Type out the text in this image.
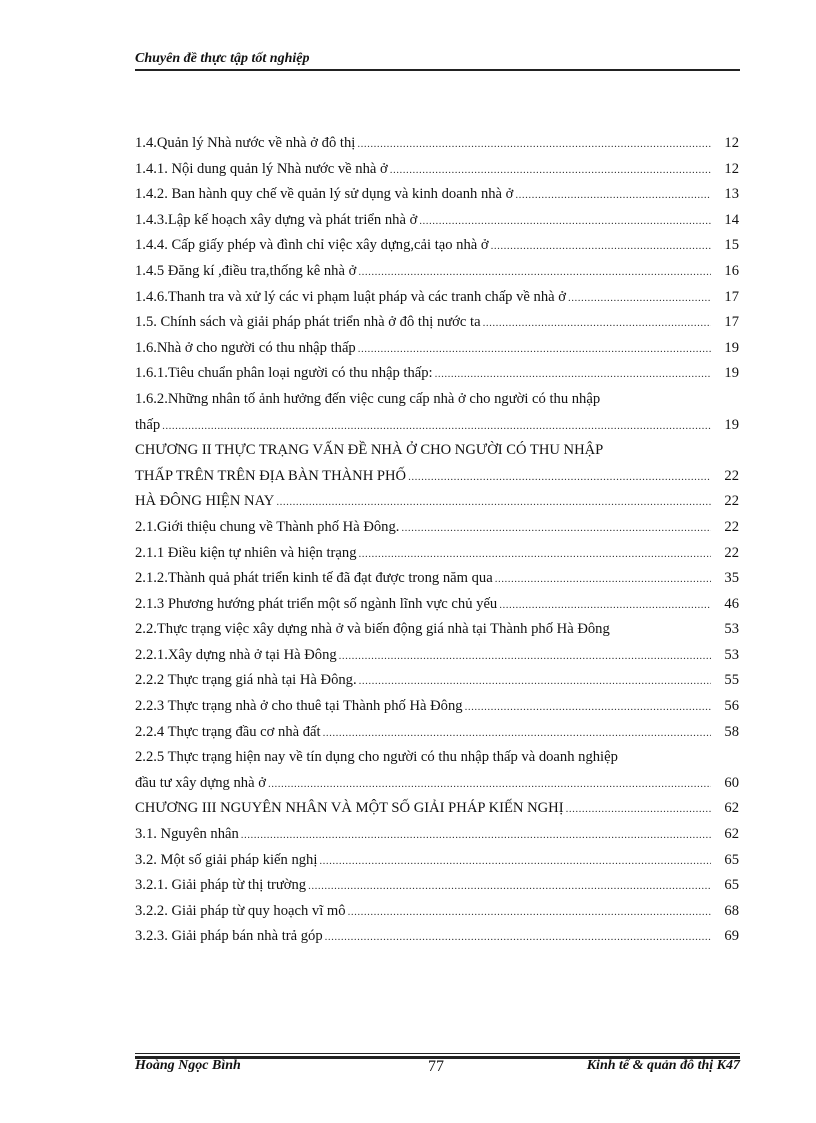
Chuyên đề thực tập tốt nghiệp
1.4.Quản lý Nhà nước về nhà ở đô thị .....	12
1.4.1. Nội dung quản lý Nhà nước về nhà ở .....	12
1.4.2. Ban hành quy chế về quản lý sử dụng và kinh doanh nhà ở .....	13
1.4.3.Lập kế hoạch xây dựng và phát triển nhà ở .....	14
1.4.4. Cấp giấy phép và đình chỉ việc xây dựng,cải tạo nhà ở .....	15
1.4.5 Đăng kí ,điều tra,thống kê nhà ở .....	16
1.4.6.Thanh tra và xử lý các vi phạm luật pháp và các tranh chấp về nhà ở .....	17
1.5. Chính sách và giải pháp phát triển nhà ở đô thị nước ta .....	17
1.6.Nhà ở cho người có thu nhập thấp .....	19
1.6.1.Tiêu chuẩn phân loại người có thu nhập thấp: .....	19
1.6.2.Những nhân tố ảnh hưởng đến việc cung cấp nhà ở cho người có thu nhập
thấp .....	19
CHƯƠNG II THỰC TRẠNG VẤN ĐỀ NHÀ Ở CHO NGƯỜI CÓ THU NHẬP
THẤP TRÊN TRÊN ĐỊA BÀN THÀNH PHỐ .....	22
HÀ ĐÔNG HIỆN NAY .....	22
2.1.Giới thiệu chung về Thành phố Hà Đông. .....	22
2.1.1 Điều kiện tự nhiên và hiện trạng .....	22
2.1.2.Thành quả phát triển kinh tế đã đạt được trong năm qua .....	35
2.1.3 Phương hướng phát triển một số ngành lĩnh vực chủ yếu .....	46
2.2.Thực trạng việc xây dựng nhà ở và biến động giá nhà tại Thành phố Hà Đông	53
2.2.1.Xây dựng nhà ở tại Hà Đông .....	53
2.2.2 Thực trạng giá nhà tại Hà Đông. .....	55
2.2.3 Thực trạng nhà ở cho thuê tại Thành phố Hà Đông .....	56
2.2.4 Thực trạng đầu cơ nhà đất .....	58
2.2.5 Thực trạng hiện nay về tín dụng cho người có thu nhập thấp và doanh nghiệp
đầu tư xây dựng nhà ở .....	60
CHƯƠNG III NGUYÊN NHÂN VÀ MỘT SỐ GIẢI PHÁP KIẾN NGHỊ .....	62
3.1. Nguyên nhân .....	62
3.2. Một số giải pháp kiến nghị .....	65
3.2.1. Giải pháp từ thị trường .....	65
3.2.2. Giải pháp từ quy hoạch vĩ mô .....	68
3.2.3. Giải pháp bán nhà trả góp .....	69
Hoàng Ngọc Bình	77	Kinh tế & quản đô thị K47
